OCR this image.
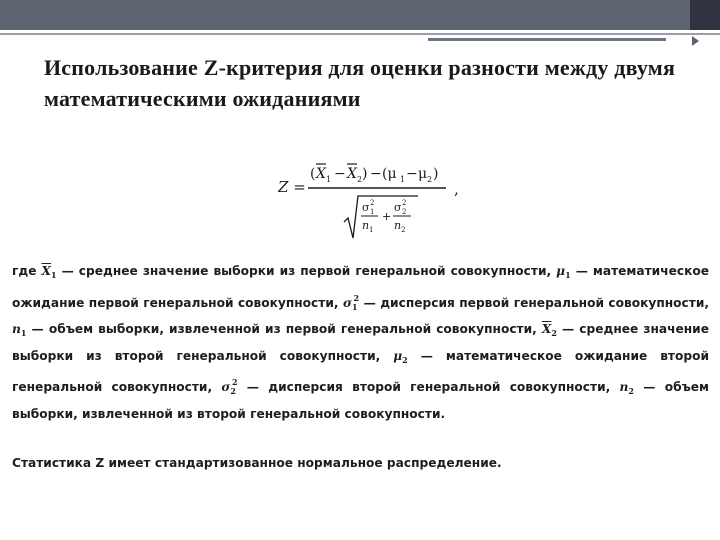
Использование Z-критерия для оценки разности между двумя математическими ожиданиями
Z =
( X 1 − X 2 ) − (μ 1 − μ 2 )
σ 2
1
n 1
+
σ 2
2
n 2
,

где $\overline{X}_1$ — среднее значение выборки из первой генеральной совокупности, $\mu_1$ — математическое ожидание первой генеральной совокупности, $\sigma_1^2$ — дисперсия первой генеральной совокупности, $n_1$ — объем выборки, извлеченной из первой генеральной совокупности, $\overline{X}_2$ — среднее значение выборки из второй генеральной совокупности, $\mu_2$ — математическое ожидание второй генеральной совокупности, $\sigma_2^2$ — дисперсия второй генеральной совокупности, $n_2$ — объем выборки, извлеченной из второй генеральной совокупности.

Статистика Z имеет стандартизованное нормальное распределение.
